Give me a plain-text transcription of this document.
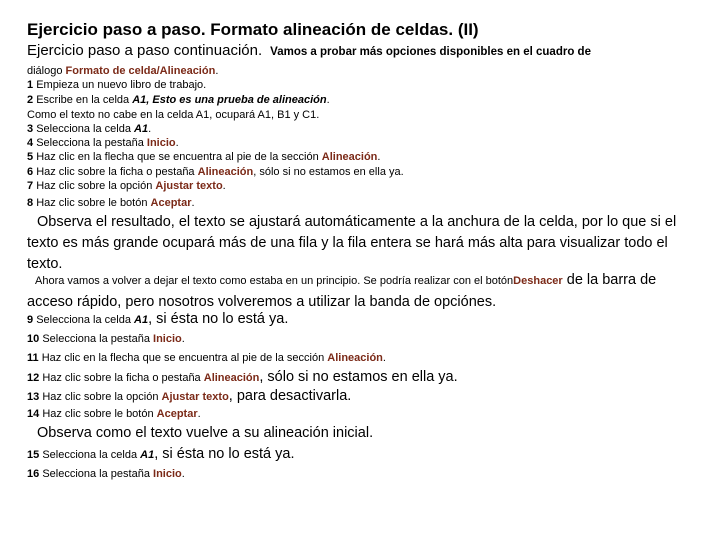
Ejercicio paso a paso. Formato alineación de celdas. (II)
Ejercicio paso a paso continuación. Vamos a probar más opciones disponibles en el cuadro de
diálogo Formato de celda/Alineación.
1 Empieza un nuevo libro de trabajo.
2 Escribe en la celda A1, Esto es una prueba de alineación.
Como el texto no cabe en la celda A1, ocupará A1, B1 y C1.
3 Selecciona la celda A1.
4 Selecciona la pestaña Inicio.
5 Haz clic en la flecha que se encuentra al pie de la sección Alineación.
6 Haz clic sobre la ficha o pestaña Alineación, sólo si no estamos en ella ya.
7 Haz clic sobre la opción Ajustar texto.
8 Haz clic sobre le botón Aceptar.
Observa el resultado, el texto se ajustará automáticamente a la anchura de la celda, por lo que si el texto es más grande ocupará más de una fila y la fila entera se hará más alta para visualizar todo el texto.
Ahora vamos a volver a dejar el texto como estaba en un principio. Se podría realizar con el botónDeshacer de la barra de acceso rápido, pero nosotros volveremos a utilizar la banda de opciónes.
9 Selecciona la celda A1, si ésta no lo está ya.
10 Selecciona la pestaña Inicio.
11 Haz clic en la flecha que se encuentra al pie de la sección Alineación.
12 Haz clic sobre la ficha o pestaña Alineación, sólo si no estamos en ella ya.
13 Haz clic sobre la opción Ajustar texto, para desactivarla.
14 Haz clic sobre le botón Aceptar.
Observa como el texto vuelve a su alineación inicial.
15 Selecciona la celda A1, si ésta no lo está ya.
16 Selecciona la pestaña Inicio.
